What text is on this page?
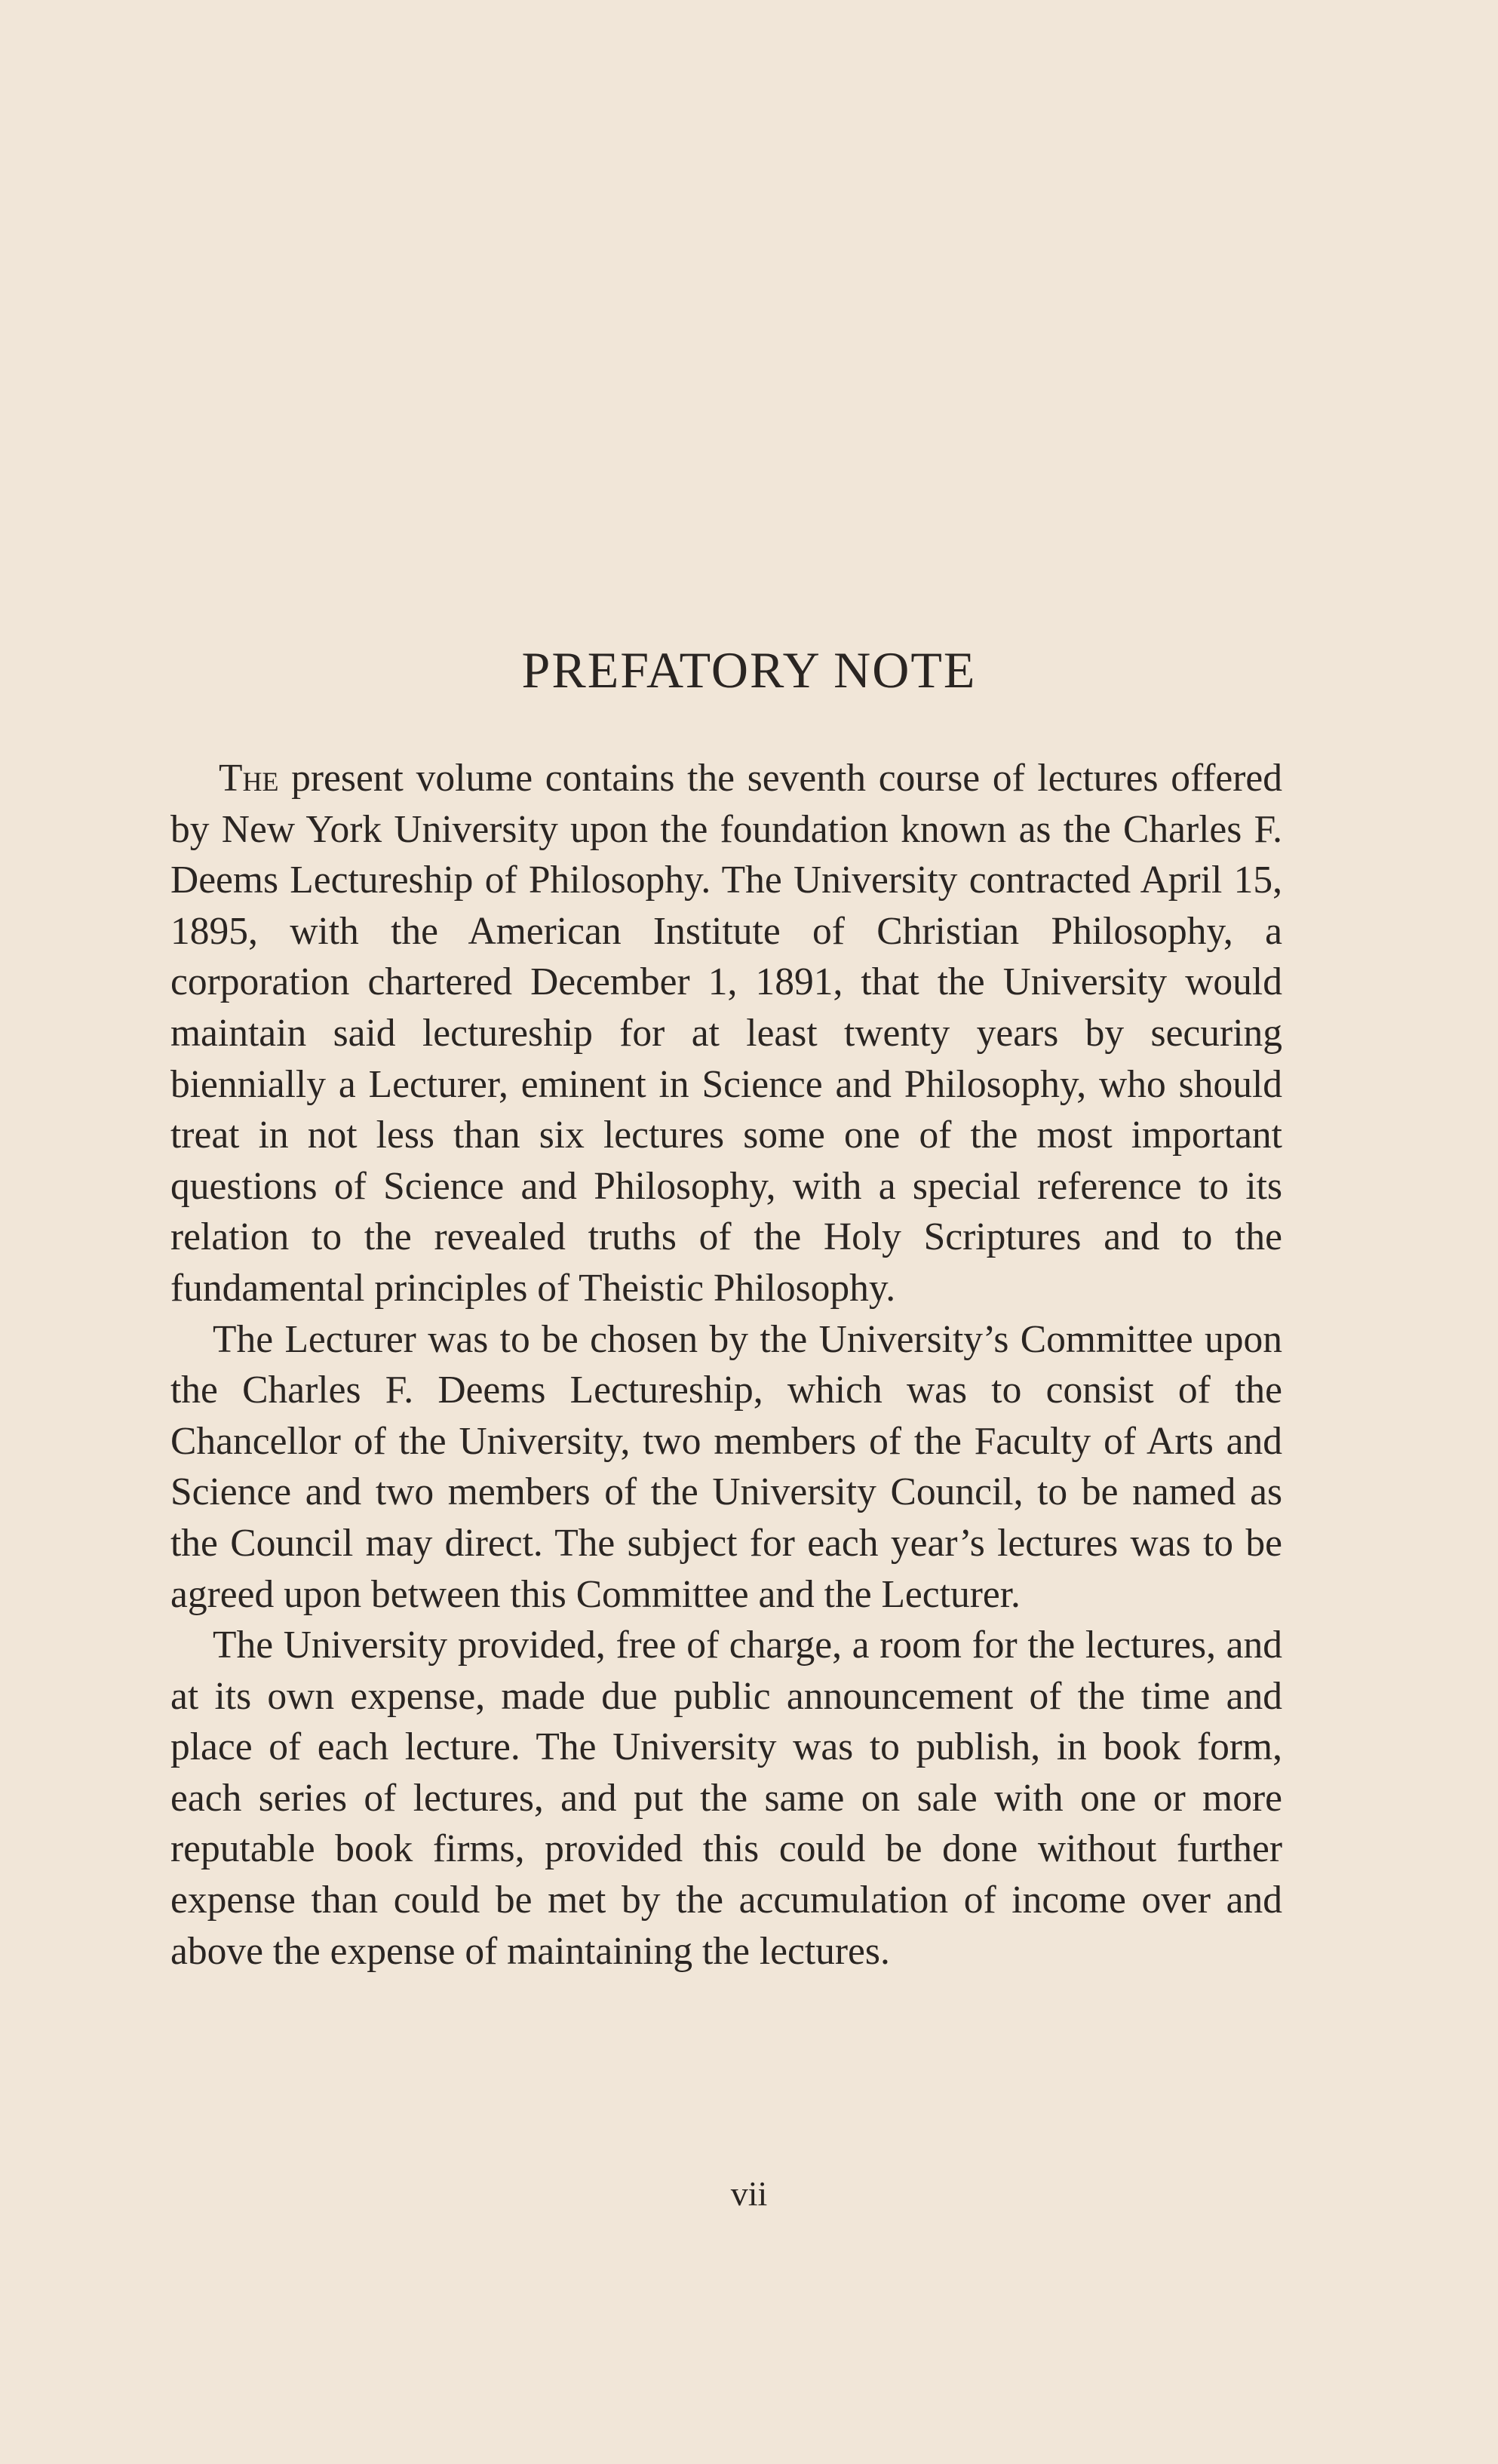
PREFATORY NOTE

The present volume contains the seventh course of lectures offered by New York University upon the foundation known as the Charles F. Deems Lectureship of Philosophy. The University contracted April 15, 1895, with the American Institute of Christian Philosophy, a corporation chartered December 1, 1891, that the University would maintain said lectureship for at least twenty years by securing biennially a Lecturer, eminent in Science and Philosophy, who should treat in not less than six lectures some one of the most important questions of Science and Philosophy, with a special reference to its relation to the revealed truths of the Holy Scriptures and to the fundamental principles of Theistic Philosophy.

The Lecturer was to be chosen by the University’s Committee upon the Charles F. Deems Lectureship, which was to consist of the Chancellor of the University, two members of the Faculty of Arts and Science and two members of the University Council, to be named as the Council may direct. The subject for each year’s lectures was to be agreed upon between this Committee and the Lecturer.

The University provided, free of charge, a room for the lectures, and at its own expense, made due public announcement of the time and place of each lecture. The University was to publish, in book form, each series of lectures, and put the same on sale with one or more reputable book firms, provided this could be done without further expense than could be met by the accumulation of income over and above the expense of maintaining the lectures.

vii
